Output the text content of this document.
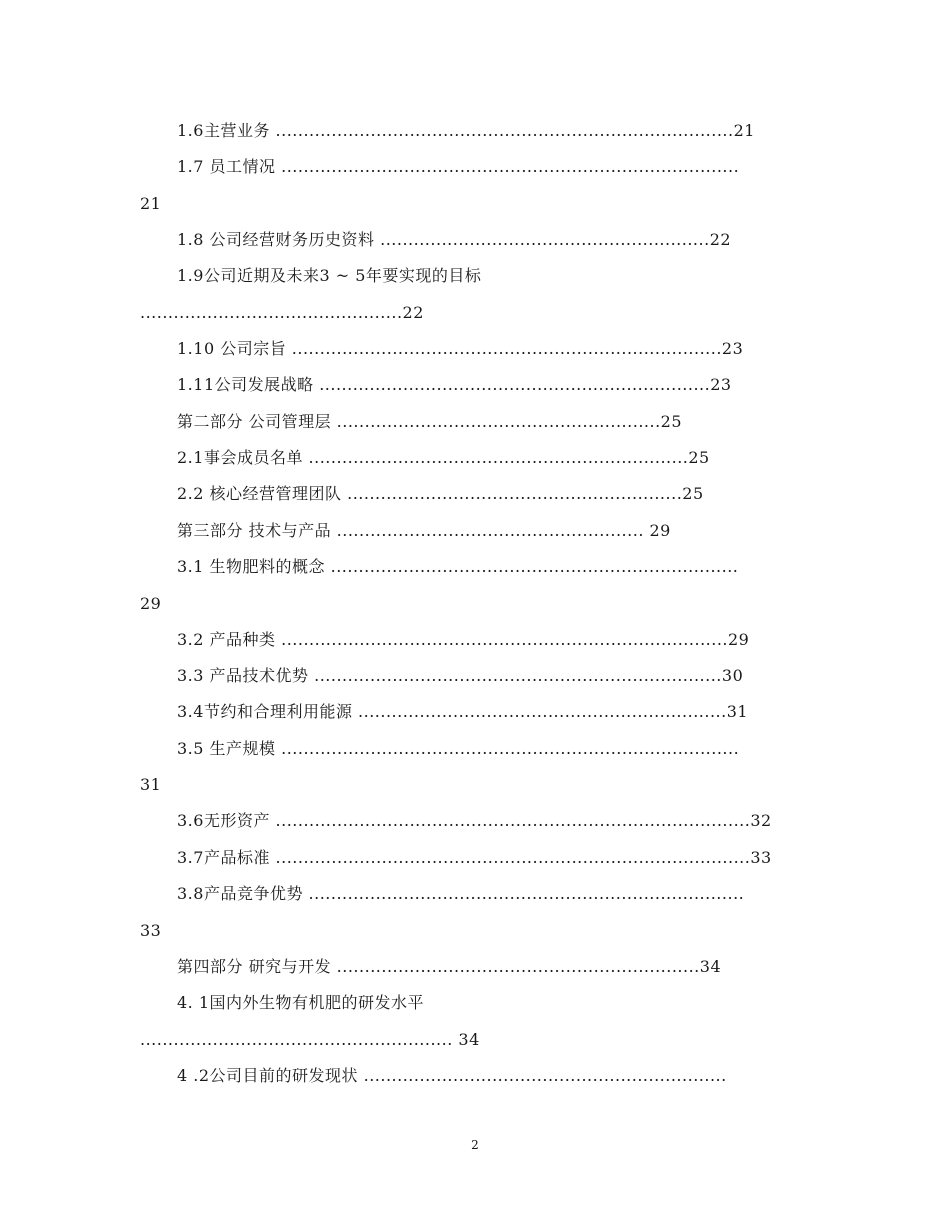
1.6主营业务 ..................................................................................21
1.7 员工情况 ..................................................................................
21
1.8 公司经营财务历史资料 ...........................................................22
1.9公司近期及未来3 ~ 5年要实现的目标
...............................................22
1.10 公司宗旨 .............................................................................23
1.11公司发展战略 ......................................................................23
第二部分 公司管理层 ..........................................................25
2.1事会成员名单 ....................................................................25
2.2 核心经营管理团队 ............................................................25
第三部分 技术与产品 ....................................................... 29
3.1 生物肥料的概念 .........................................................................
29
3.2 产品种类 ................................................................................29
3.3 产品技术优势 .........................................................................30
3.4节约和合理利用能源 ..................................................................31
3.5 生产规模 ..................................................................................
31
3.6无形资产 .....................................................................................32
3.7产品标准 .....................................................................................33
3.8产品竞争优势 ..............................................................................
33
第四部分 研究与开发 .................................................................34
4. 1国内外生物有机肥的研发水平
........................................................ 34
4 .2公司目前的研发现状 .................................................................
2
